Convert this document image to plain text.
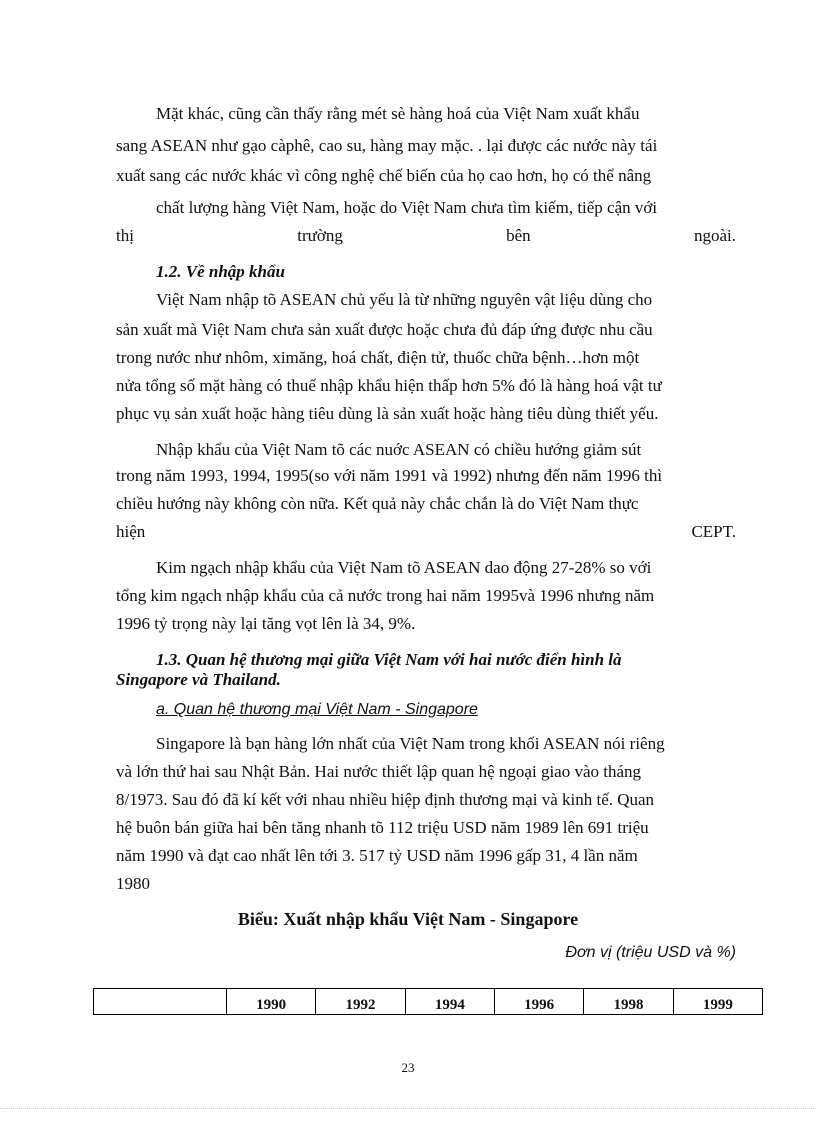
Mặt khác, cũng cần thấy rằng mét sè hàng hoá của Việt Nam xuất khẩu
sang ASEAN như gạo càphê, cao su, hàng may mặc. . lại được các nước này tái
xuất sang các nước khác vì công nghệ chế biến của họ cao hơn, họ có thể nâng
chất lượng hàng Việt Nam, hoặc do Việt Nam chưa tìm kiếm, tiếp cận với
thị	trường	bên	ngoài.
1.2. Về nhập khẩu
Việt Nam nhập tõ ASEAN chủ yếu là từ những nguyên vật liệu dùng cho
sản xuất mà Việt Nam chưa sản xuất được hoặc chưa đủ đáp ứng được nhu cầu
trong nước như nhôm, ximăng, hoá chất, điện tử, thuốc chữa bệnh…hơn một
nửa tổng số mặt hàng có thuế nhập khẩu hiện thấp hơn 5% đó là hàng hoá vật tư
phục vụ sản xuất hoặc hàng tiêu dùng là sản xuất hoặc hàng tiêu dùng thiết yếu.
Nhập khẩu của Việt Nam tõ các nuớc ASEAN có chiều hướng giảm sút
trong năm 1993, 1994, 1995(so với năm 1991 và 1992) nhưng đến năm 1996 thì
chiều hướng này không còn nữa. Kết quả này chắc chắn là do Việt Nam thực
hiện	CEPT.
Kim ngạch nhập khẩu của Việt Nam tõ ASEAN dao động 27-28% so với
tổng kim ngạch nhập khẩu của cả nước trong hai năm 1995và 1996 nhưng năm
1996 tỷ trọng này lại tăng vọt lên là 34, 9%.
1.3. Quan hệ thương mại giữa Việt Nam với hai nước điển hình là
Singapore và Thailand.
a. Quan hệ thương mại Việt Nam - Singapore
Singapore là bạn hàng lớn nhất của Việt Nam trong khối ASEAN nói riêng
và lớn thứ hai sau Nhật Bản. Hai nước thiết lập quan hệ ngoại giao vào tháng
8/1973. Sau đó đã kí kết với nhau nhiều hiệp định thương mại và kinh tế. Quan
hệ buôn bán giữa hai bên tăng nhanh tõ 112 triệu USD năm 1989 lên 691 triệu
năm 1990 và đạt cao nhất lên tới 3. 517 tỷ USD năm 1996 gấp 31, 4 lần năm
1980
Biểu: Xuất nhập khẩu Việt Nam - Singapore
Đơn vị (triệu USD và %)
	1990	1992	1994	1996	1998	1999
23
